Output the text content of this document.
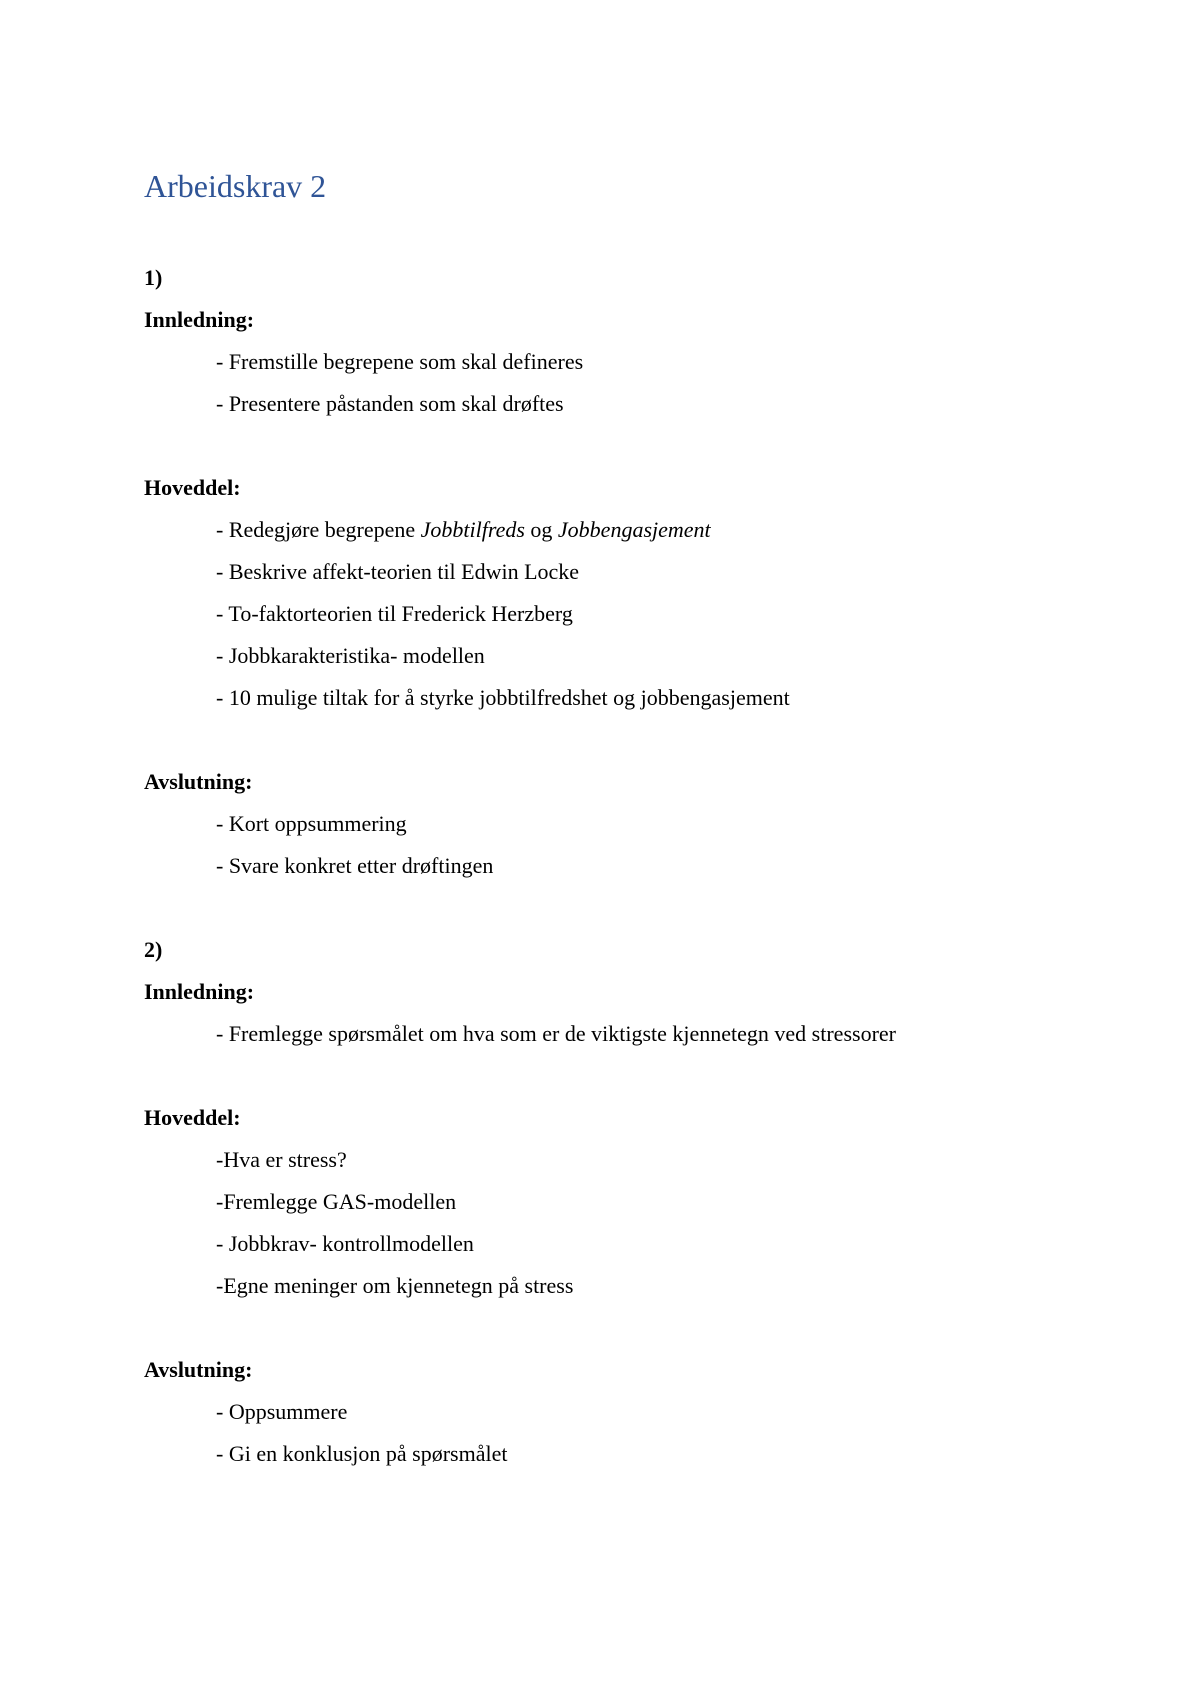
Arbeidskrav 2

1)

Innledning:

- Fremstille begrepene som skal defineres

- Presentere påstanden som skal drøftes

Hoveddel:

- Redegjøre begrepene Jobbtilfreds og Jobbengasjement

- Beskrive affekt-teorien til Edwin Locke

- To-faktorteorien til Frederick Herzberg

- Jobbkarakteristika- modellen

- 10 mulige tiltak for å styrke jobbtilfredshet og jobbengasjement

Avslutning:

- Kort oppsummering

- Svare konkret etter drøftingen

2)

Innledning:

- Fremlegge spørsmålet om hva som er de viktigste kjennetegn ved stressorer

Hoveddel:

-Hva er stress?

-Fremlegge GAS-modellen

- Jobbkrav- kontrollmodellen

-Egne meninger om kjennetegn på stress

Avslutning:

- Oppsummere

- Gi en konklusjon på spørsmålet
